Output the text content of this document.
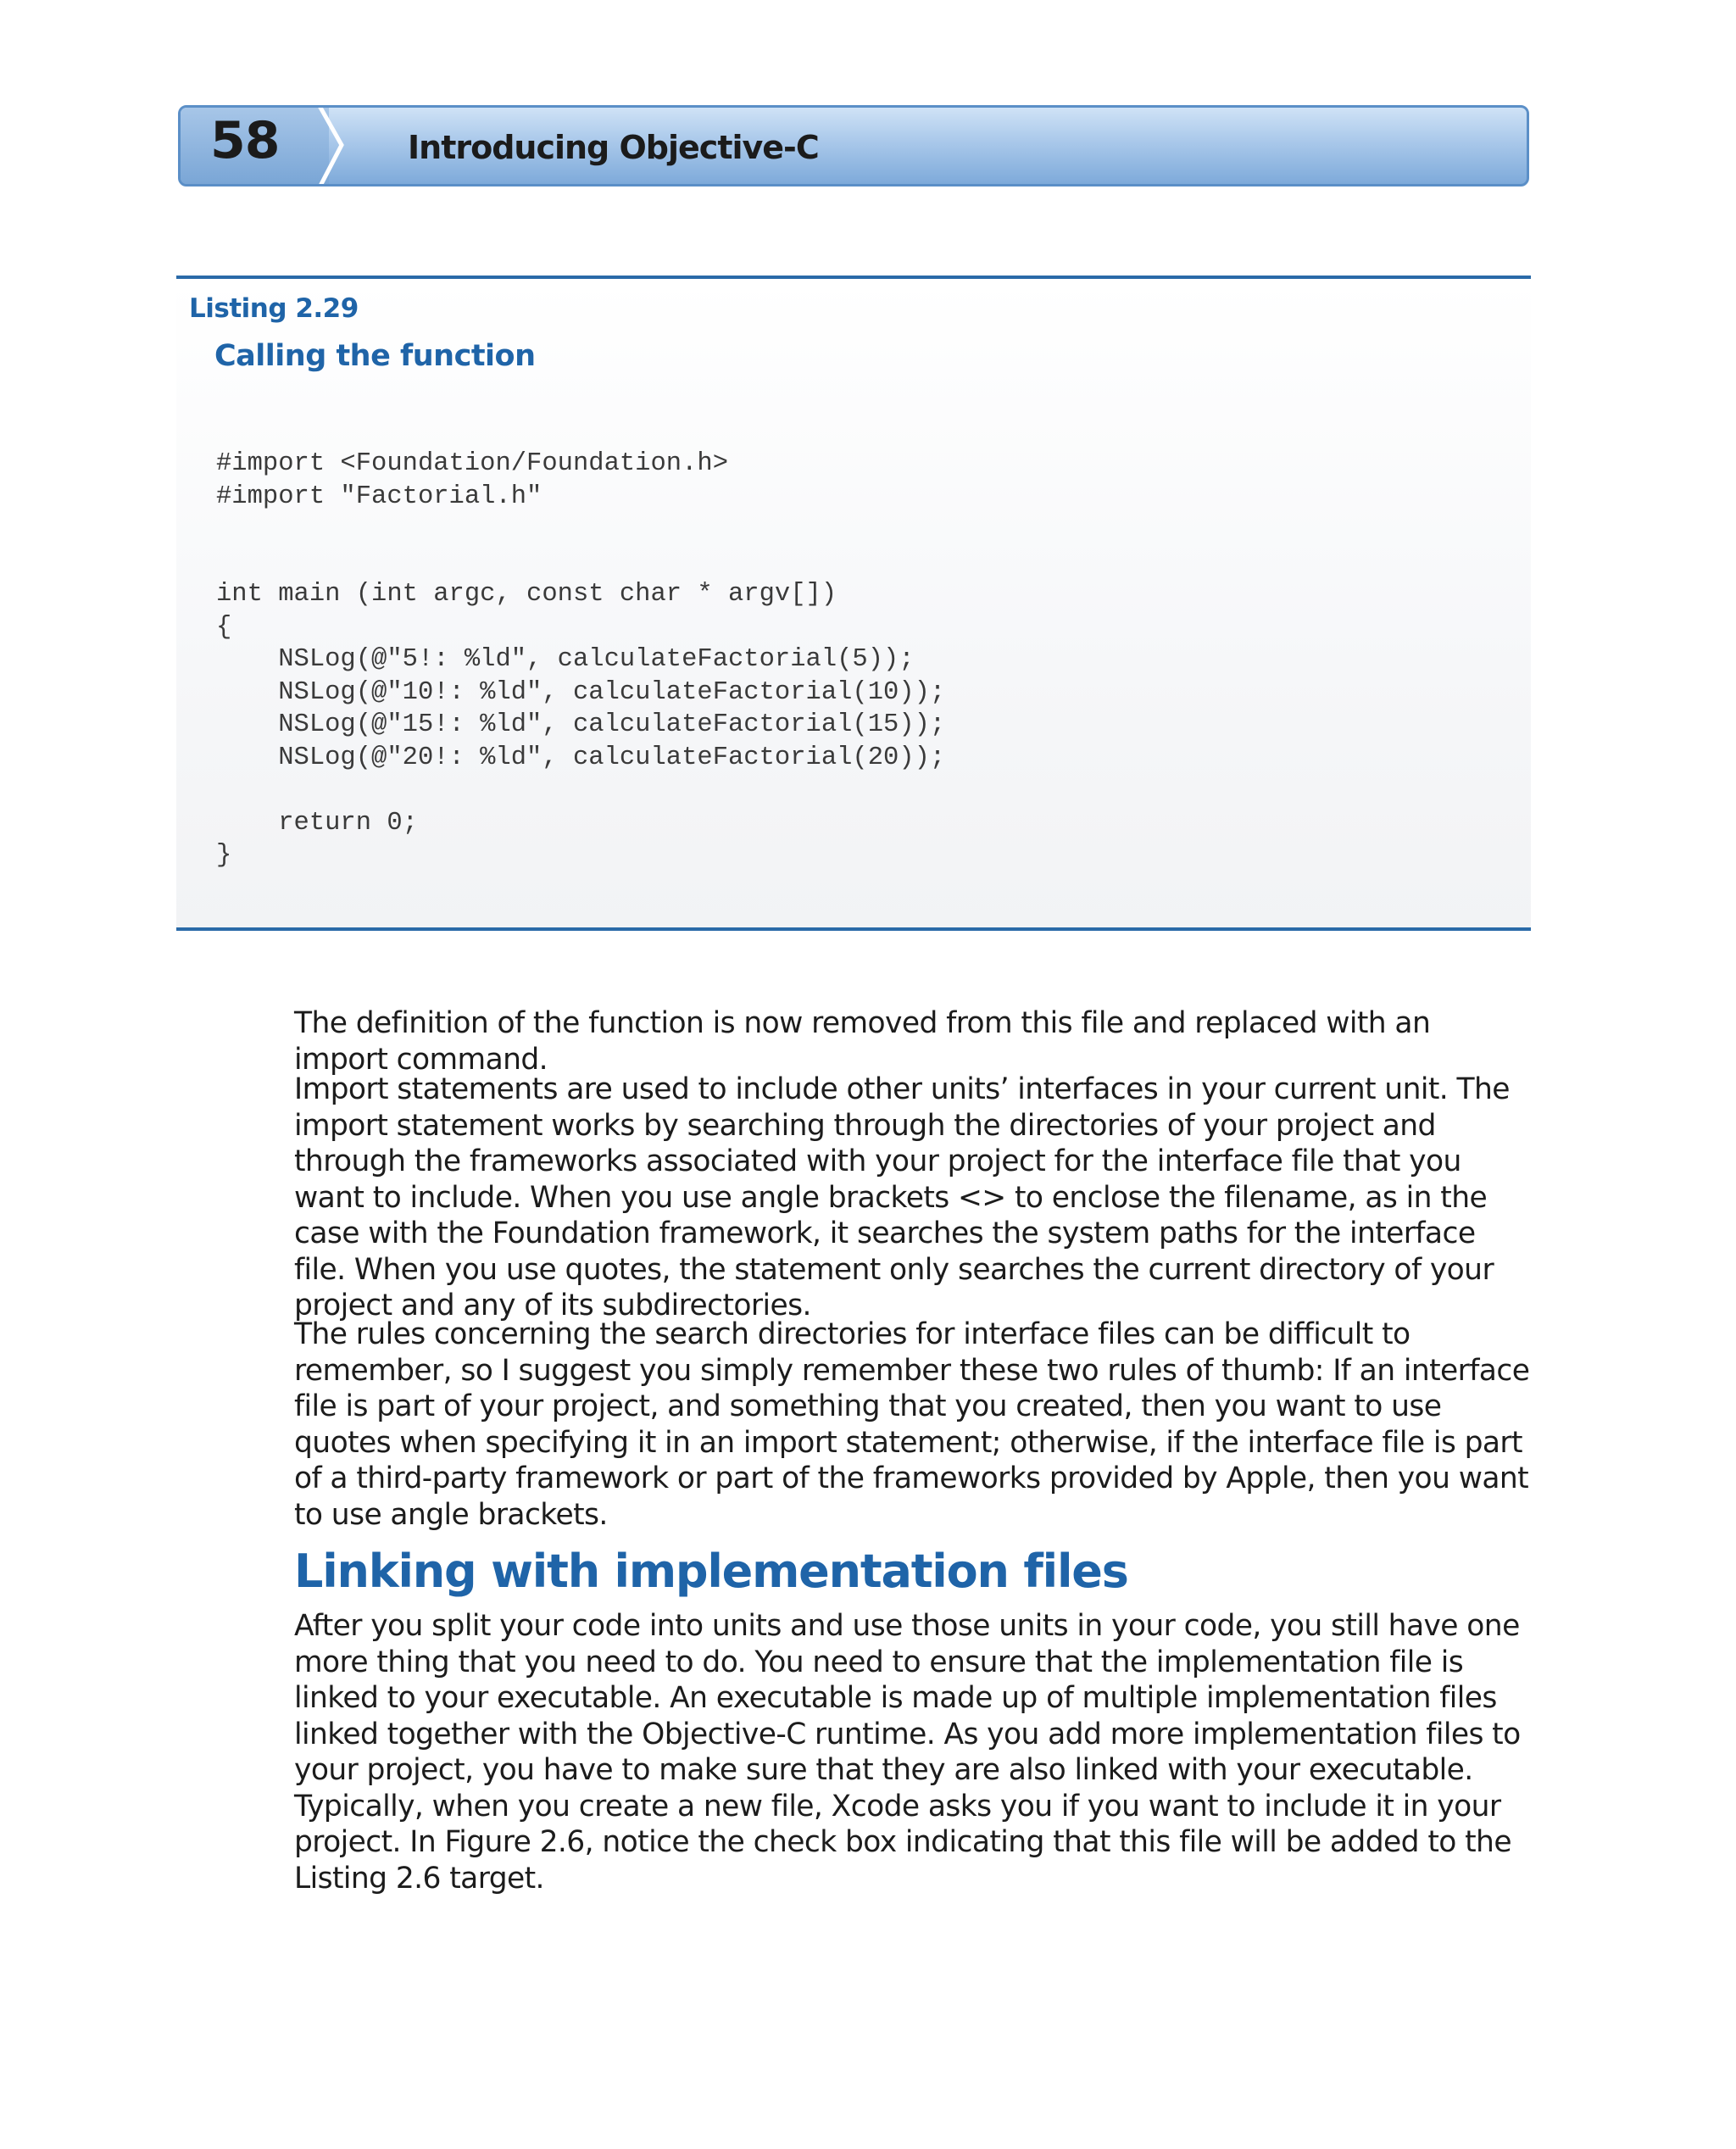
58	Introducing Objective-C
Listing 2.29
Calling the function
#import <Foundation/Foundation.h>
#import "Factorial.h"
int main (int argc, const char * argv[])
{
NSLog(@"5!: %ld", calculateFactorial(5));
NSLog(@"10!: %ld", calculateFactorial(10));
NSLog(@"15!: %ld", calculateFactorial(15));
NSLog(@"20!: %ld", calculateFactorial(20));
return 0;
}

The definition of the function is now removed from this file and replaced with an import command.

Import statements are used to include other units’ interfaces in your current unit. The import statement works by searching through the directories of your project and through the frameworks associated with your project for the interface file that you want to include. When you use angle brackets <> to enclose the filename, as in the case with the Foundation framework, it searches the system paths for the interface file. When you use quotes, the statement only searches the current directory of your project and any of its subdirectories.

The rules concerning the search directories for interface files can be difficult to remember, so I suggest you simply remember these two rules of thumb: If an interface file is part of your project, and something that you created, then you want to use quotes when specifying it in an import statement; otherwise, if the interface file is part of a third-party framework or part of the frameworks provided by Apple, then you want to use angle brackets.

Linking with implementation files

After you split your code into units and use those units in your code, you still have one more thing that you need to do. You need to ensure that the implementation file is linked to your executable. An executable is made up of multiple implementation files linked together with the Objective-C runtime. As you add more implementation files to your project, you have to make sure that they are also linked with your executable. Typically, when you create a new file, Xcode asks you if you want to include it in your project. In Figure 2.6, notice the check box indicating that this file will be added to the Listing 2.6 target.
